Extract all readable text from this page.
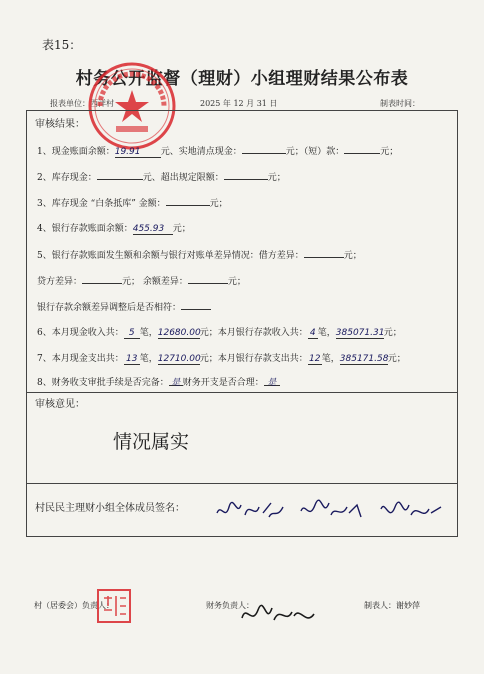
表15：
村务公开监督（理财）小组理财结果公布表
报表单位：西洋村	2025 年 12 月 31 日	制表时间：
审核结果：
1、现金账面余额：19.91 元、实地清点现金：	元；（短）款：	元；
2、库存现金：	元、超出规定限额：	元；
3、库存现金 “白条抵库” 金额：	元；
4、银行存款账面余额：455.93 元；
5、银行存款账面发生额和余额与银行对账单差异情况：借方差异：	元；
贷方差异：	元； 余额差异：	元；
银行存款余额差异调整后是否相符：
6、本月现金收入共： 5 笔，12680.00元；本月银行存款收入共： 4 笔，385071.31元；
7、本月现金支出共： 13 笔，12710.00元；本月银行存款支出共：12笔，385171.58元；
8、财务收支审批手续是否完备： 是 财务开支是否合理： 是
审核意见：
情况属实
村民民主理财小组全体成员签名：
村（居委会）负责人：	财务负责人：	制表人：谢妙萍
